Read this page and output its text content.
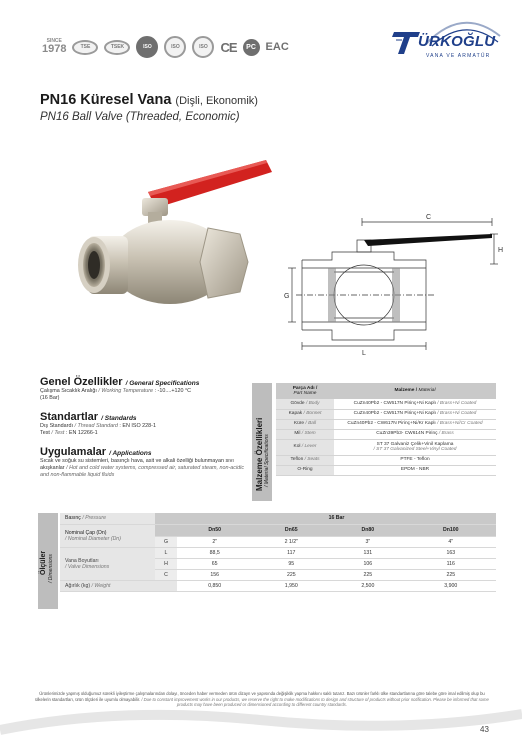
SINCE
1978	TSE	TSEK	ISO	ISO	ISO CE	PC EAC	ÜRKOĞLU
VANA VE ARMATÜR
PN16 Küresel Vana (Dişli, Ekonomik)
PN16 Ball Valve (Threaded, Economic)
C
H
G
L
Genel Özellikler / General Specifications

Çalışma Sıcaklık Aralığı / Working Temperature : -10....+120 °C

(16 Bar)

Standartlar / Standards

Dış Standardı / Thread Standard : EN ISO 228-1

Test / Test : EN 12266-1

Uygulamalar / Applications

Sıcak ve soğuk su sistemleri, basınçlı hava, asit ve alkali özelliği bulunmayan sıvı akışkanlar / Hot and cold water systems, compressed air, saturated steam, non-acidic and non-flammable liquid fluids	Malzeme Özellikleri / Material Specifications
Parça Adı /
Part Name	Malzeme / Material
Gövde / Body	CuZn40Pb2 - CW617N Pirinç+Ni Kaplı / Brass+Ni Coated
Kapak / Bonnet	CuZn40Pb2 - CW617N Pirinç+Ni Kaplı / Brass+Ni Coated
Küre / Ball	CuZn40Pb2 - CW617N Pirinç+Ni/Kr Kaplı / Brass+Ni/Cr Coated
Mil / Stem	CuZn39Pb3- CW614N Pirinç / Brass
Kol / Lever	ST 37 Galvaniz Çelik+Vinil Kaplama
/ ST 37 Galvanized Steel+Vinyl Coated
Teflon / Seats	PTFE - Teflon
O-Ring	EPDM - NBR
Ölçüler / Dimensions
Basınç / Pressure		16 Bar			
Nominal Çap (Dn)
/ Nominal Diameter (Dn)		Dn50	Dn65	Dn80	Dn100
	G	2"	2 1/2"	3"	4"
Vana Boyutları
/ Valve Dimensions	L	88,5	117	131	163
	H	65	95	106	116
	C	156	225	225	225
Ağırlık (kg) / Weight		0,850	1,950	2,500	3,900
Ürünlerimizde yapmış olduğumuz sürekli iyileştirme çalışmalarından dolayı, önceden haber vermeden ürün dizayn ve yapısında değişiklik yapma hakkını saklı tutarız. Bazı ürünler farklı ülke standartlarına göre talebe göre imal edilmiş olup bu ülkelerin standartları, ürün ölçüleri ile uyumlu olmayabilir. / Due to constant improvement works in our products, we reserve the right to make modifications to design and structure of products without prior notification. Please be informed that some products may have been produced or dimensioned according to different country standards.
43
